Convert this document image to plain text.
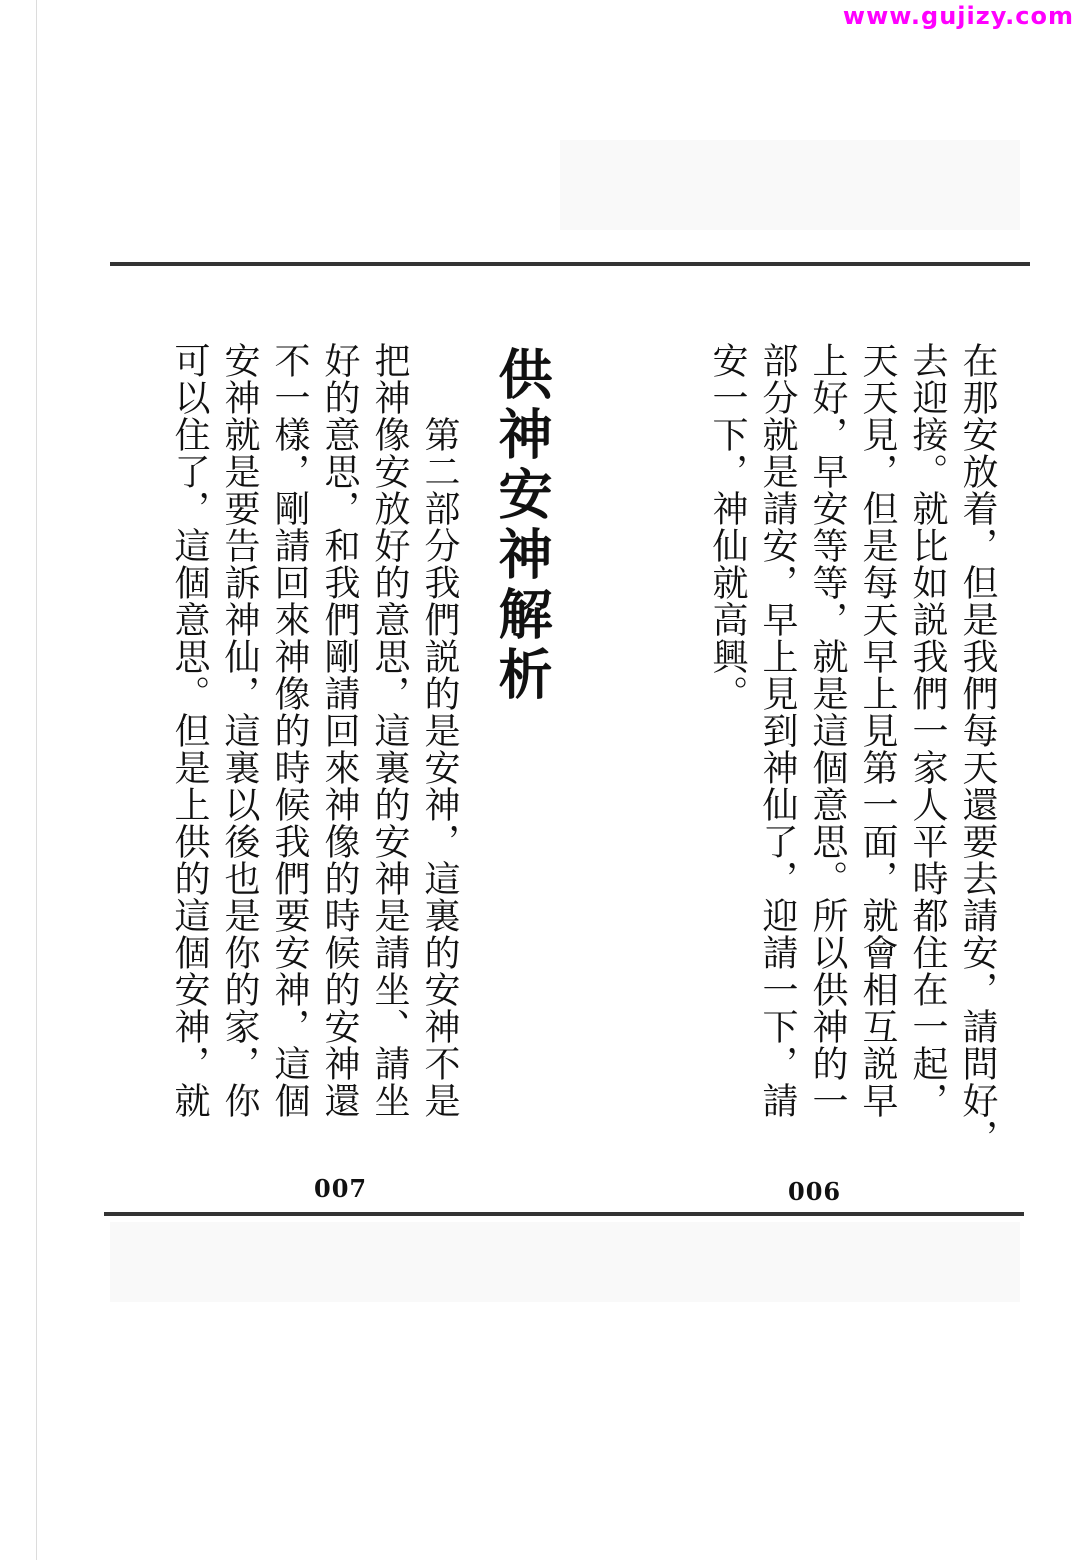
www.gujizy.com
在那安放着，但是我們每天還要去請安，請問好，
去迎接。就比如説我們一家人平時都住在一起，
天天見，但是每天早上見第一面，就會相互説早
上好，早安等等，就是這個意思。所以供神的一
部分就是請安，早上見到神仙了，迎請一下，請
安一下，神仙就高興。
供神安神解析
第二部分我們説的是安神，這裏的安神不是
把神像安放好的意思，這裏的安神是請坐、請坐
好的意思，和我們剛請回來神像的時候的安神還
不一樣，剛請回來神像的時候我們要安神，這個
安神就是要告訴神仙，這裏以後也是你的家，你
可以住了，這個意思。但是上供的這個安神，就
007	006
